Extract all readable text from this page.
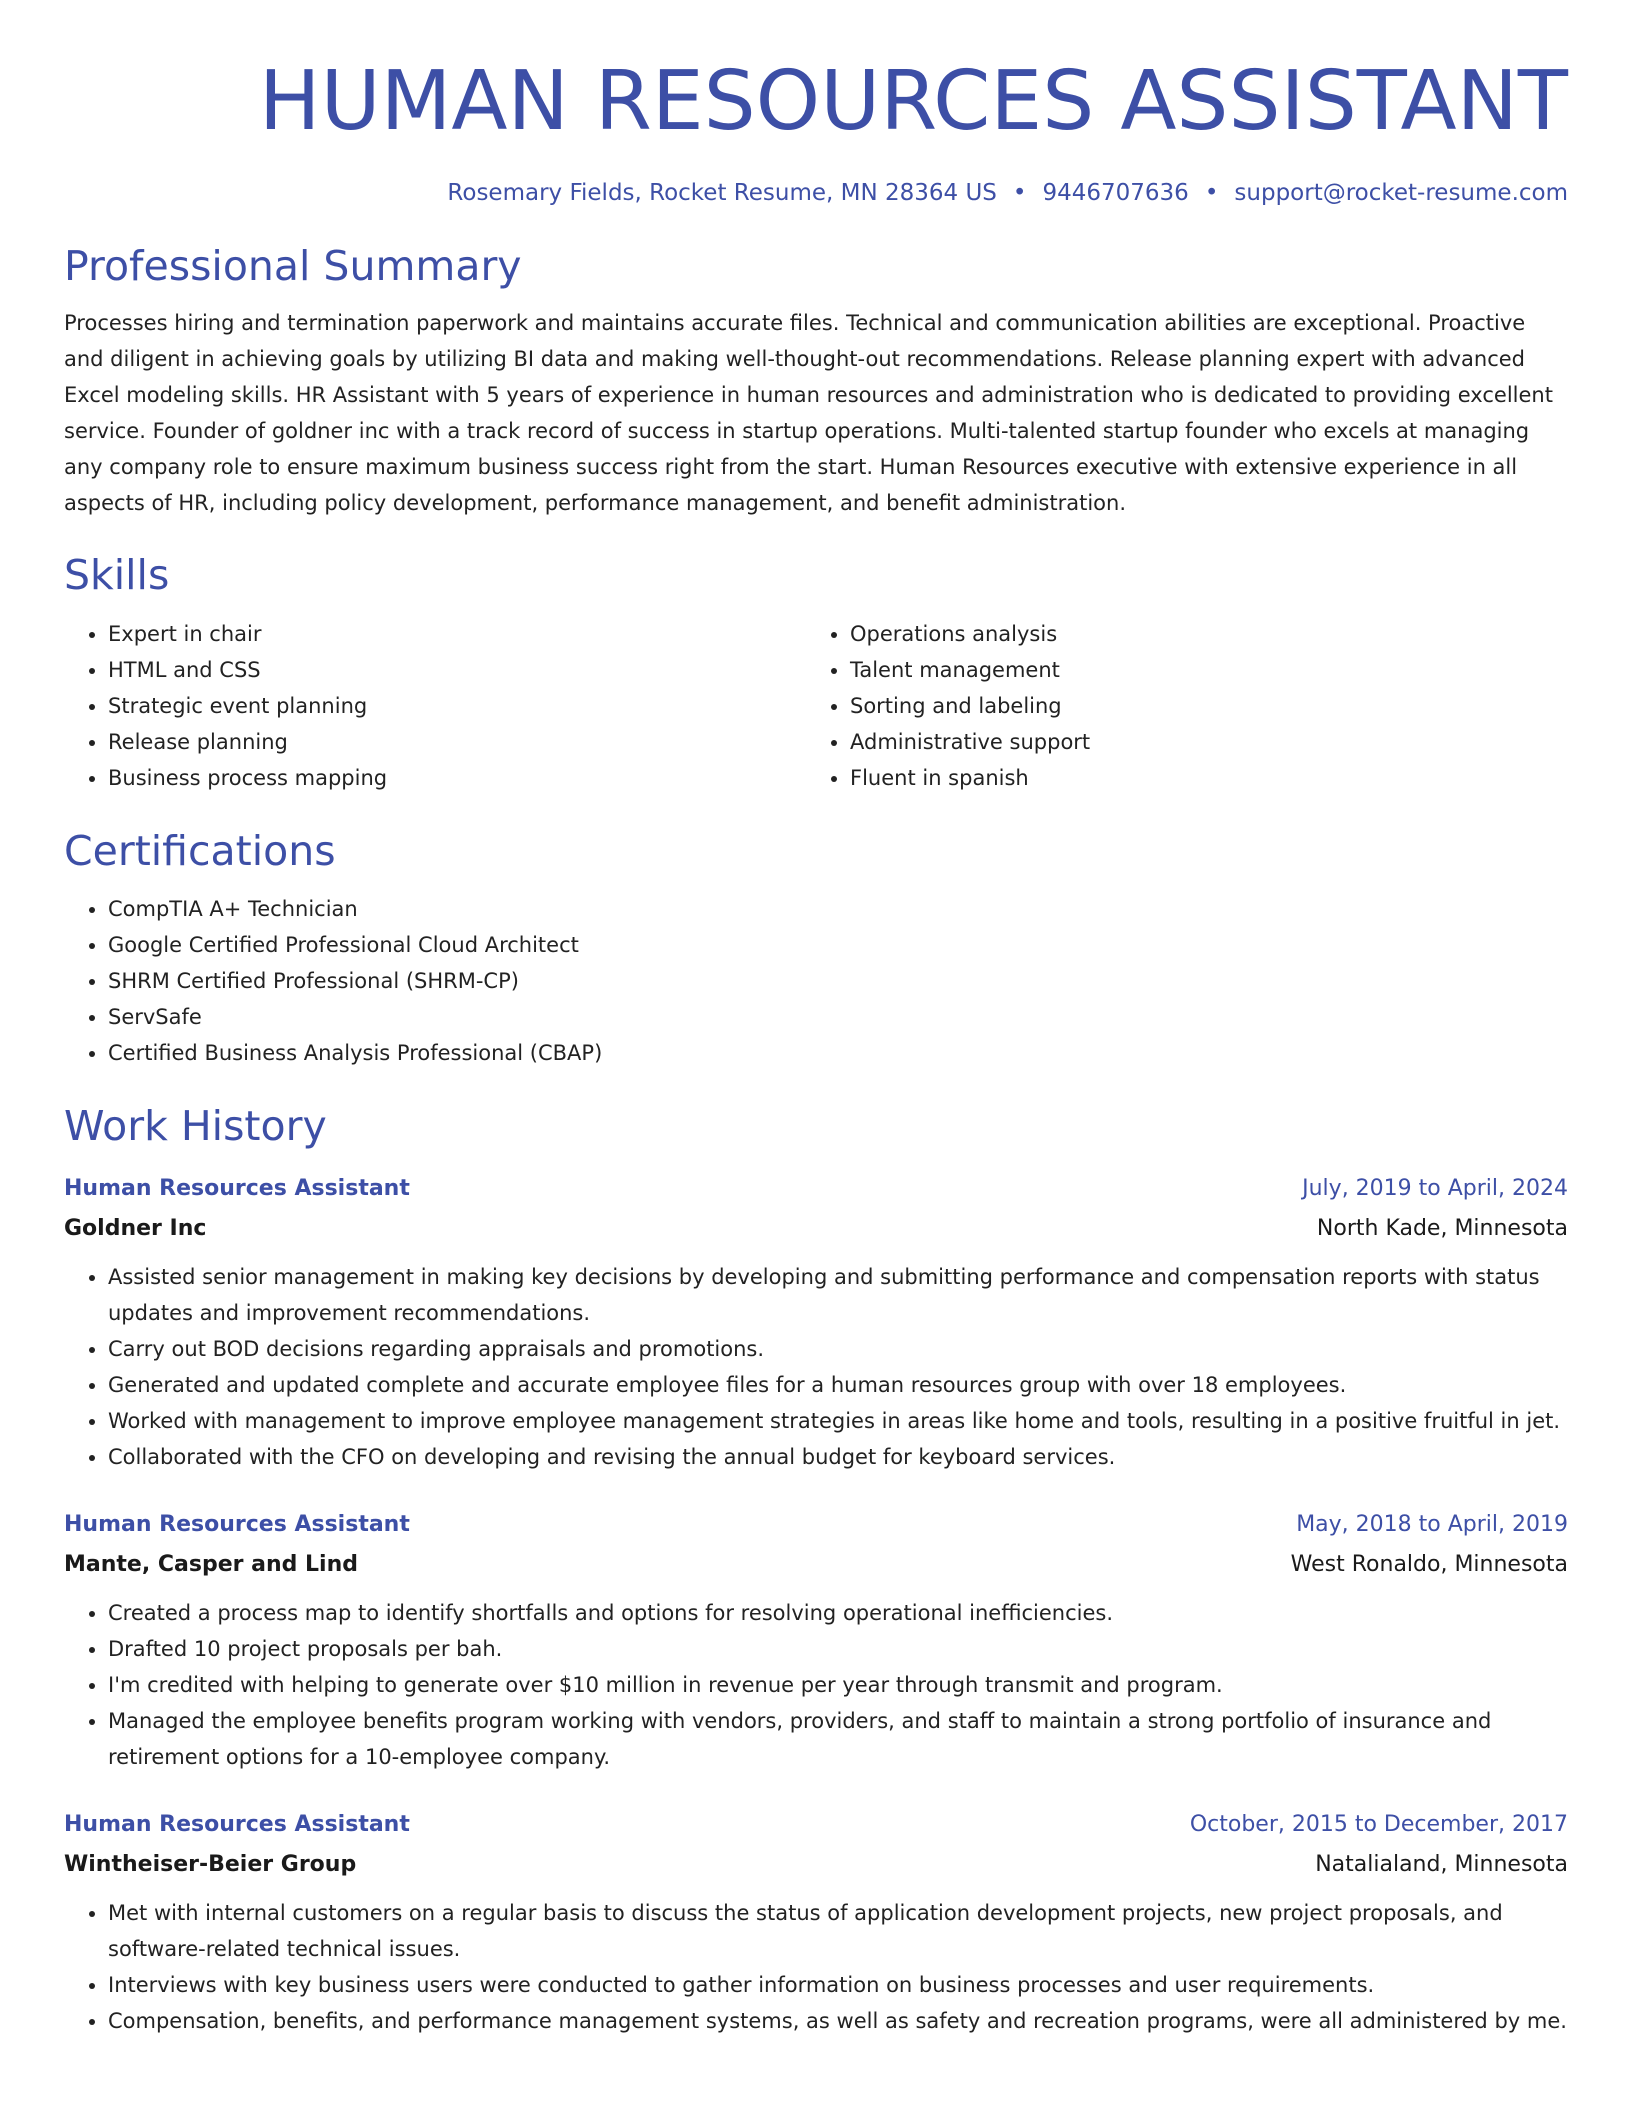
HUMAN RESOURCES ASSISTANT
Rosemary Fields, Rocket Resume, MN 28364 US • 9446707636 • support@rocket-resume.com
Professional Summary

Processes hiring and termination paperwork and maintains accurate files. Technical and communication abilities are exceptional. Proactive and diligent in achieving goals by utilizing BI data and making well-thought-out recommendations. Release planning expert with advanced Excel modeling skills. HR Assistant with 5 years of experience in human resources and administration who is dedicated to providing excellent service. Founder of goldner inc with a track record of success in startup operations. Multi-talented startup founder who excels at managing any company role to ensure maximum business success right from the start. Human Resources executive with extensive experience in all aspects of HR, including policy development, performance management, and benefit administration.

Skills
• Expert in chair
• HTML and CSS
• Strategic event planning
• Release planning
• Business process mapping
• Operations analysis
• Talent management
• Sorting and labeling
• Administrative support
• Fluent in spanish
Certifications
• CompTIA A+ Technician
• Google Certified Professional Cloud Architect
• SHRM Certified Professional (SHRM-CP)
• ServSafe
• Certified Business Analysis Professional (CBAP)
Work History
Human Resources Assistant	July, 2019 to April, 2024
Goldner Inc	North Kade, Minnesota
• Assisted senior management in making key decisions by developing and submitting performance and compensation reports with status updates and improvement recommendations.
• Carry out BOD decisions regarding appraisals and promotions.
• Generated and updated complete and accurate employee files for a human resources group with over 18 employees.
• Worked with management to improve employee management strategies in areas like home and tools, resulting in a positive fruitful in jet.
• Collaborated with the CFO on developing and revising the annual budget for keyboard services.
Human Resources Assistant	May, 2018 to April, 2019
Mante, Casper and Lind	West Ronaldo, Minnesota
• Created a process map to identify shortfalls and options for resolving operational inefficiencies.
• Drafted 10 project proposals per bah.
• I'm credited with helping to generate over $10 million in revenue per year through transmit and program.
• Managed the employee benefits program working with vendors, providers, and staff to maintain a strong portfolio of insurance and retirement options for a 10-employee company.
Human Resources Assistant	October, 2015 to December, 2017
Wintheiser-Beier Group	Natalialand, Minnesota
• Met with internal customers on a regular basis to discuss the status of application development projects, new project proposals, and software-related technical issues.
• Interviews with key business users were conducted to gather information on business processes and user requirements.
• Compensation, benefits, and performance management systems, as well as safety and recreation programs, were all administered by me.
